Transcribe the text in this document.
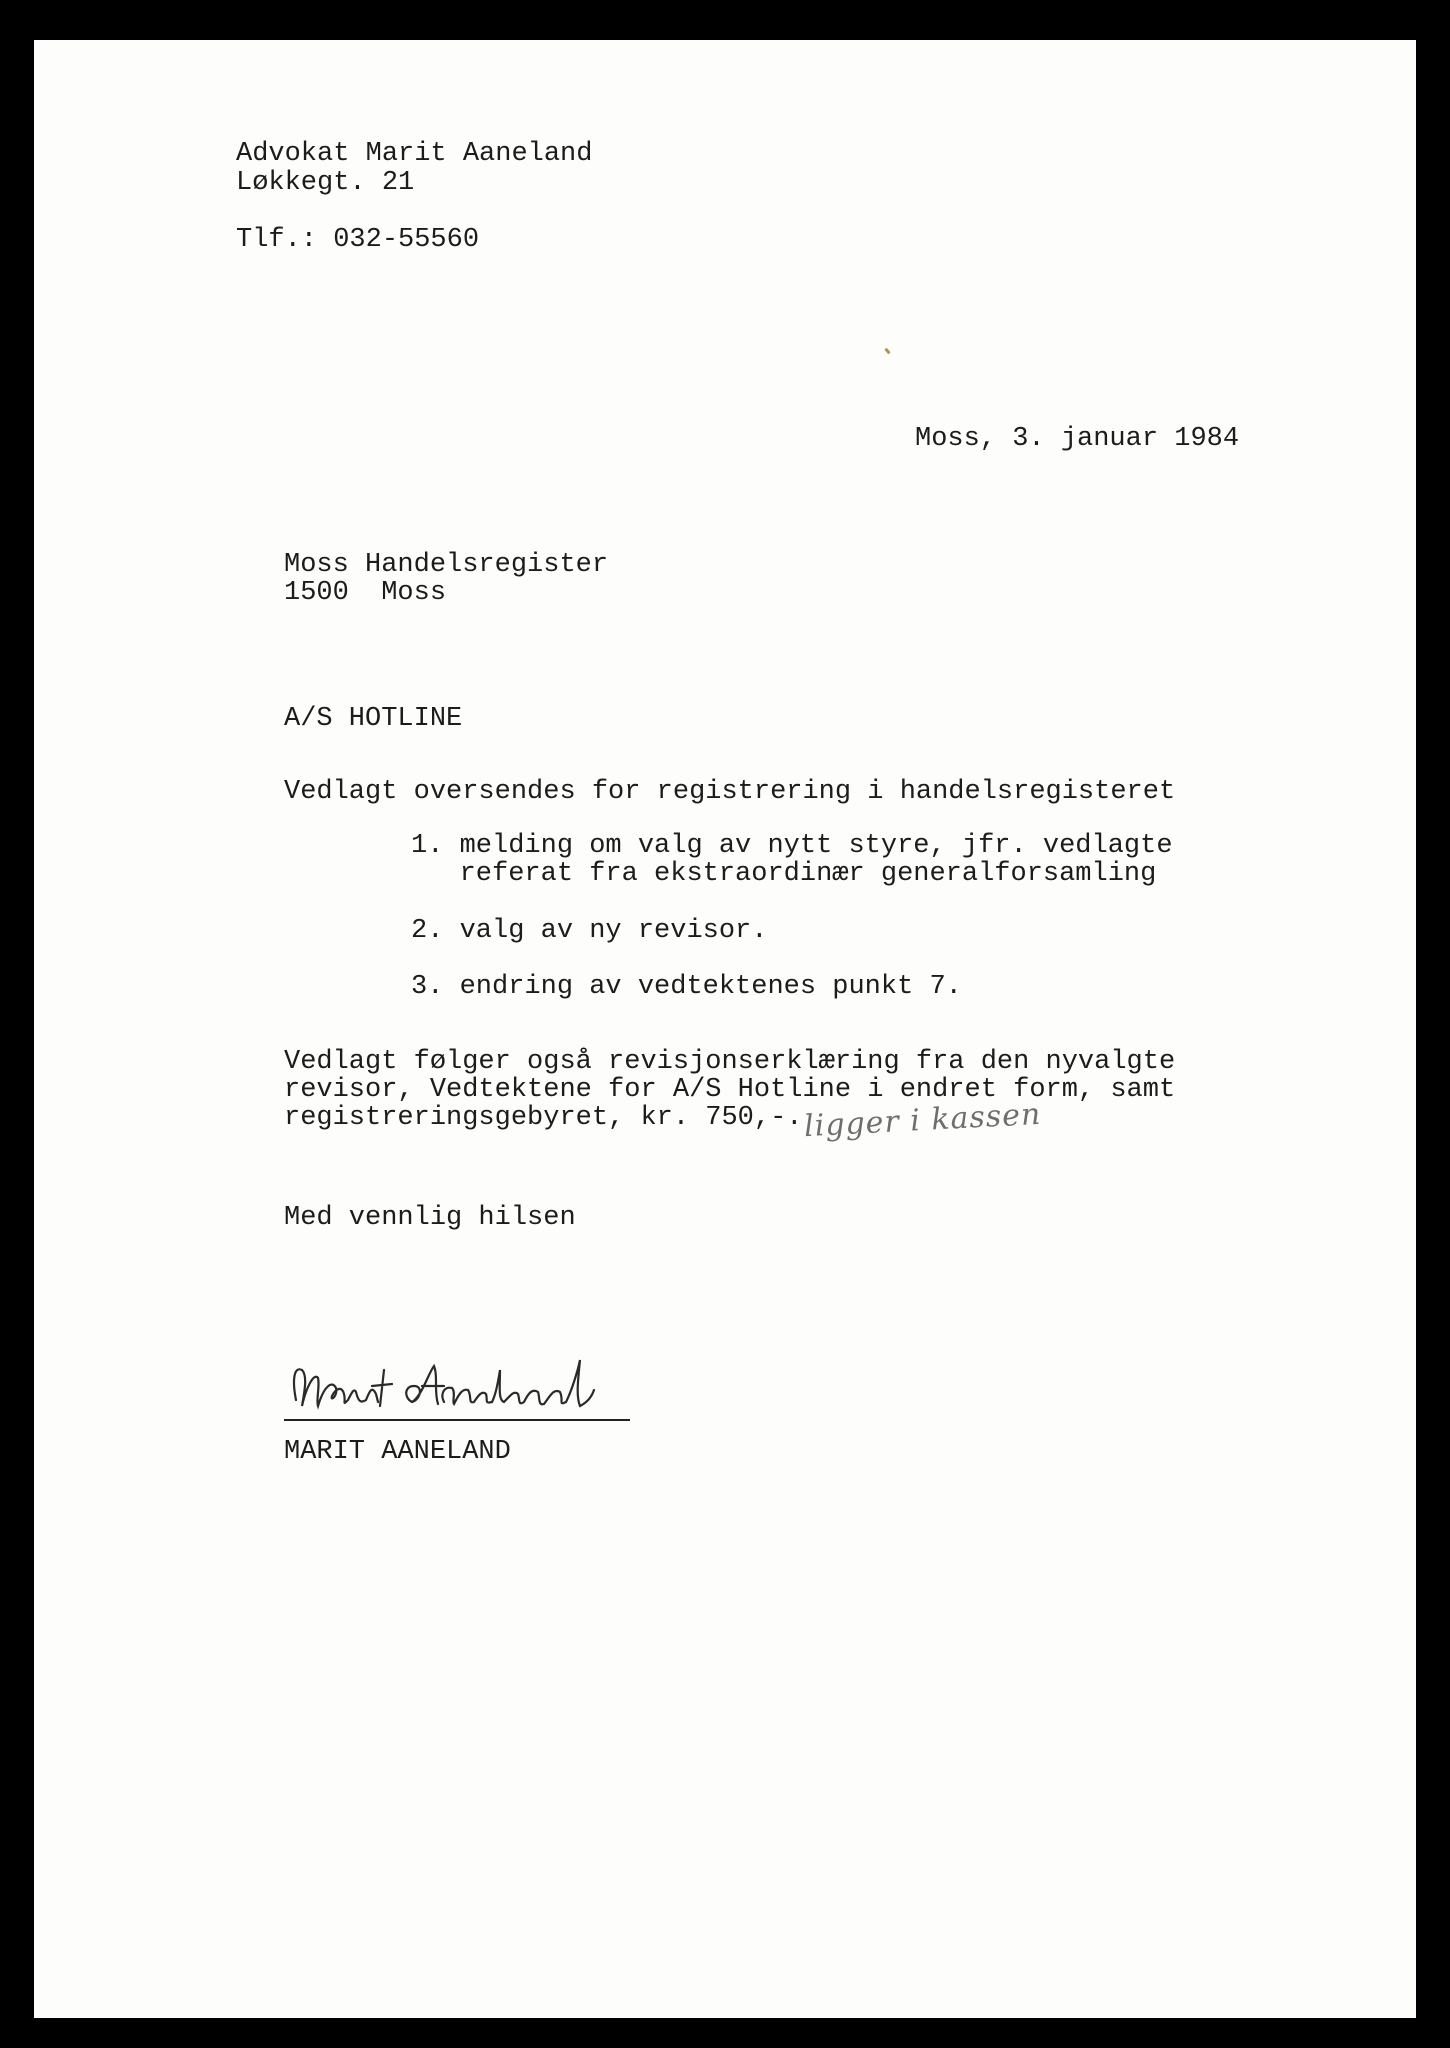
Advokat Marit Aaneland
Løkkegt. 21
Tlf.: 032-55560
Moss, 3. januar 1984
Moss Handelsregister
1500  Moss
A/S HOTLINE
Vedlagt oversendes for registrering i handelsregisteret
1. melding om valg av nytt styre, jfr. vedlagte
referat fra ekstraordinær generalforsamling
2. valg av ny revisor.
3. endring av vedtektenes punkt 7.
Vedlagt følger også revisjonserklæring fra den nyvalgte
revisor, Vedtektene for A/S Hotline i endret form, samt
registreringsgebyret, kr. 750,-. ligger i kassen
Med vennlig hilsen
MARIT AANELAND
